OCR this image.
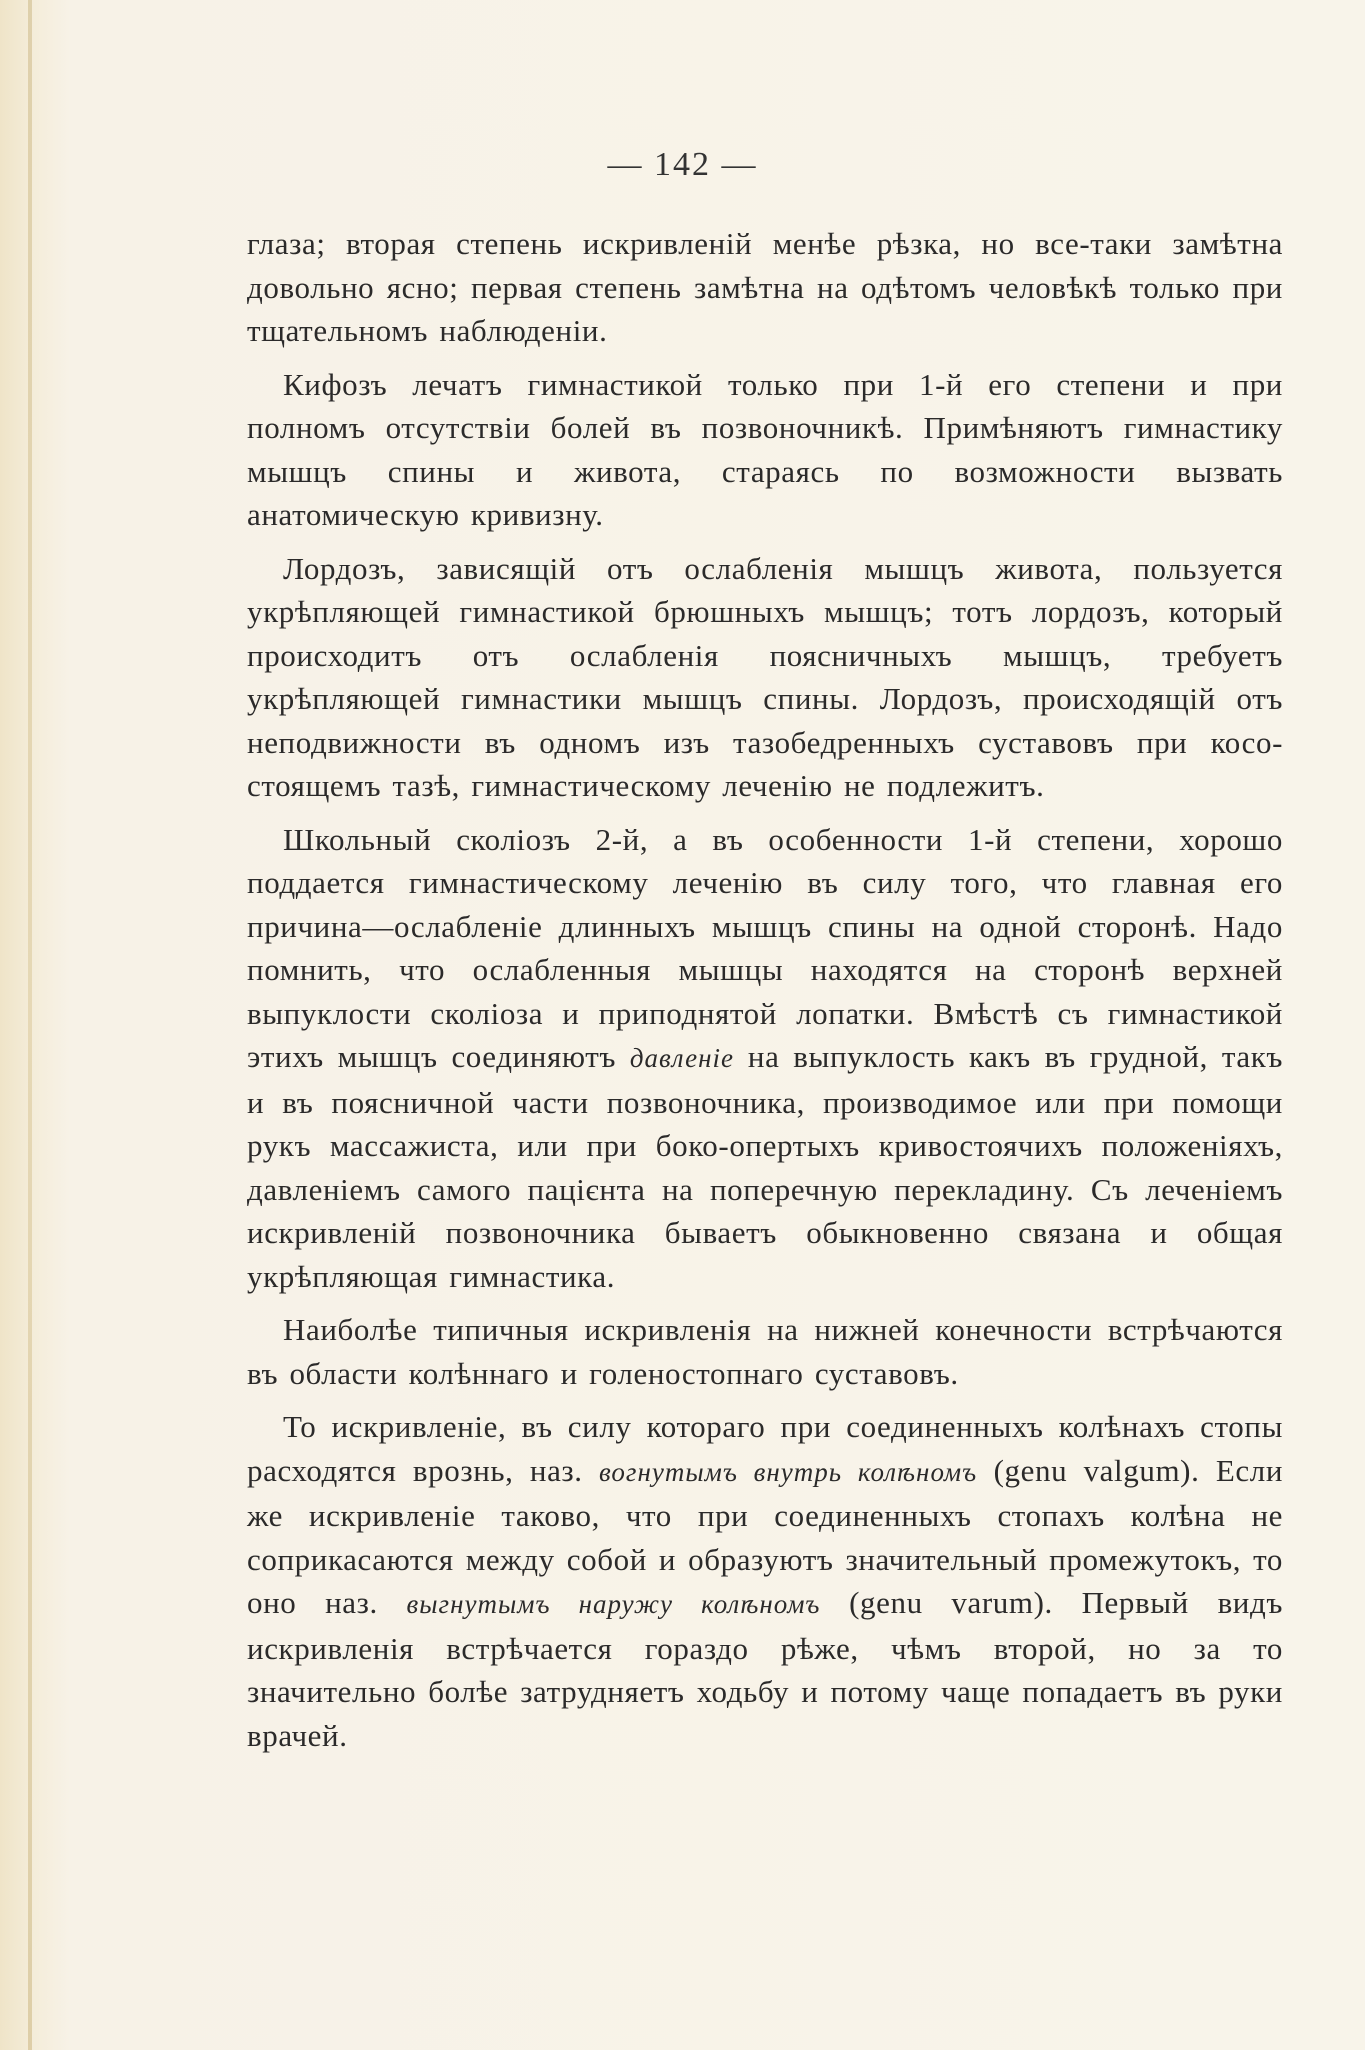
— 142 —

глаза; вторая степень искривленій менѣе рѣзка, но все-таки замѣтна довольно ясно; первая степень замѣтна на одѣтомъ человѣкѣ только при тщательномъ наблюденіи.

Кифозъ лечатъ гимнастикой только при 1-й его степени и при полномъ отсутствіи болей въ позвоночникѣ. Примѣняютъ гимнастику мышцъ спины и живота, стараясь по возможности вызвать анатомическую кривизну.

Лордозъ, зависящій отъ ослабленія мышцъ живота, пользуется укрѣпляющей гимнастикой брюшныхъ мышцъ; тотъ лордозъ, который происходитъ отъ ослабленія поясничныхъ мышцъ, требуетъ укрѣпляющей гимнастики мышцъ спины. Лордозъ, происходящій отъ неподвижности въ одномъ изъ тазобедренныхъ суставовъ при косо-стоящемъ тазѣ, гимнастическому леченію не подлежитъ.

Школьный сколіозъ 2-й, а въ особенности 1-й степени, хорошо поддается гимнастическому леченію въ силу того, что главная его причина—ослабленіе длинныхъ мышцъ спины на одной сторонѣ. Надо помнить, что ослабленныя мышцы находятся на сторонѣ верхней выпуклости сколіоза и приподнятой лопатки. Вмѣстѣ съ гимнастикой этихъ мышцъ соединяютъ давленіе на выпуклость какъ въ грудной, такъ и въ поясничной части позвоночника, производимое или при помощи рукъ массажиста, или при боко-опертыхъ кривостоячихъ положеніяхъ, давленіемъ самого пацієнта на поперечную перекладину. Съ леченіемъ искривленій позвоночника бываетъ обыкновенно связана и общая укрѣпляющая гимнастика.

Наиболѣе типичныя искривленія на нижней конечности встрѣчаются въ области колѣннаго и голеностопнаго суставовъ.

То искривленіе, въ силу котораго при соединенныхъ колѣнахъ стопы расходятся врознь, наз. вогнутымъ внутрь колѣномъ (genu valgum). Если же искривленіе таково, что при соединенныхъ стопахъ колѣна не соприкасаются между собой и образуютъ значительный промежутокъ, то оно наз. выгнутымъ наружу колѣномъ (genu varum). Первый видъ искривленія встрѣчается гораздо рѣже, чѣмъ второй, но за то значительно болѣе затрудняетъ ходьбу и потому чаще попадаетъ въ руки врачей.
